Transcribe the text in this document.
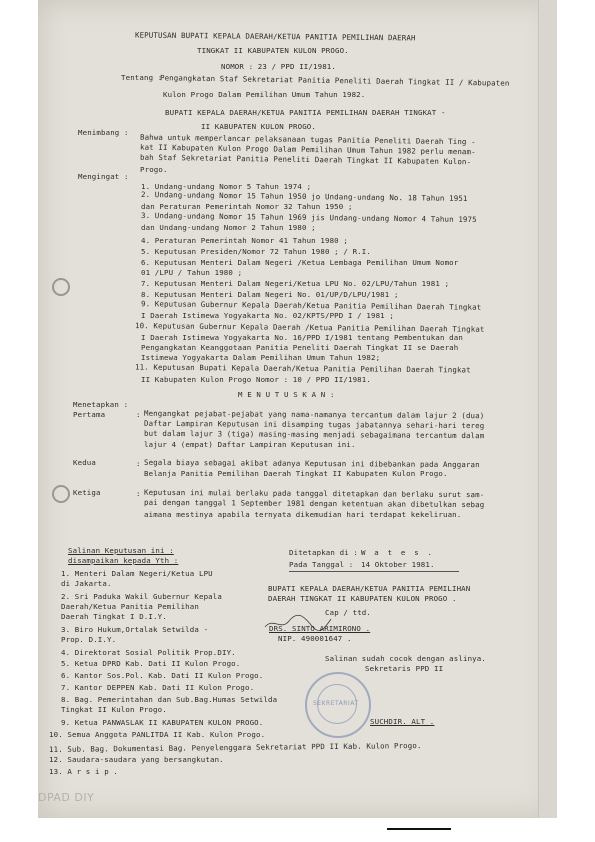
KEPUTUSAN BUPATI KEPALA DAERAH/KETUA PANITIA PEMILIHAN DAERAH
TINGKAT II KABUPATEN KULON PROGO.
NOMOR : 23 / PPD II/1981.
Tentang :
Pengangkatan Staf Sekretariat Panitia Peneliti Daerah Tingkat II / Kabupaten
Kulon Progo Dalam Pemilihan Umum Tahun 1982.
BUPATI KEPALA DAERAH/KETUA PANITIA PEMILIHAN DAERAH TINGKAT -
II KABUPATEN KULON PROGO.
Menimbang :
Bahwa untuk memperlancar pelaksanaan tugas Panitia Peneliti Daerah Ting -
kat II Kabupaten Kulon Progo Dalam Pemilihan Umum Tahun 1982 perlu menam-
bah Staf Sekretariat Panitia Peneliti Daerah Tingkat II Kabupaten Kulon-
Progo.
Mengingat :
1. Undang-undang Nomor 5 Tahun 1974 ;
2. Undang-undang Nomor 15 Tahun 1950 jo Undang-undang No. 18 Tahun 1951
dan Peraturan Pemerintah Nomor 32 Tahun 1950 ;
3. Undang-undang Nomor 15 Tahun 1969 jis Undang-undang Nomor 4 Tahun 1975
dan Undang-undang Nomor 2 Tahun 1980 ;
4. Peraturan Pemerintah Nomor 41 Tahun 1980 ;
5. Keputusan Presiden/Nomor 72 Tahun 1980 ; / R.I.
6. Keputusan Menteri Dalam Negeri /Ketua Lembaga Pemilihan Umum Nomor
01 /LPU / Tahun 1980 ;
7. Keputusan Menteri Dalam Negeri/Ketua LPU No. 02/LPU/Tahun 1981 ;
8. Keputusan Menteri Dalam Negeri No. 01/UP/D/LPU/1981 ;
9. Keputusan Gubernur Kepala Daerah/Ketua Panitia Pemilihan Daerah Tingkat
I Daerah Istimewa Yogyakarta No. 02/KPTS/PPD I / 1981 ;
10. Keputusan Gubernur Kepala Daerah /Ketua Panitia Pemilihan Daerah Tingkat
I Daerah Istimewa Yogyakarta No. 16/PPD I/1981 tentang Pembentukan dan
Pengangkatan Keanggotaan Panitia Peneliti Daerah Tingkat II se Daerah
Istimewa Yogyakarta Dalam Pemilihan Umum Tahun 1982;
11. Keputusan Bupati Kepala Daerah/Ketua Panitia Pemilihan Daerah Tingkat
II Kabupaten Kulon Progo Nomor : 10 / PPD II/1981.
M E N U T U S K A N :
Menetapkan :
Pertama	: Mengangkat pejabat-pejabat yang nama-namanya tercantum dalam lajur 2 (dua)
Daftar Lampiran Keputusan ini disamping tugas jabatannya sehari-hari tereg
but dalam lajur 3 (tiga) masing-masing menjadi sebagaimana tercantum dalam
lajur 4 (empat) Daftar Lampiran Keputusan ini.
Kedua	: Segala biaya sebagai akibat adanya Keputusan ini dibebankan pada Anggaran
Belanja Panitia Pemilihan Daerah Tingkat II Kabupaten Kulon Progo.
Ketiga	: Keputusan ini mulai berlaku pada tanggal ditetapkan dan berlaku surut sam-
pai dengan tanggal 1 September 1981 dengan ketentuan akan dibetulkan sebag
aimana mestinya apabila ternyata dikemudian hari terdapat kekeliruan.
Salinan Keputusan ini :
disampaikan kepada Yth :
1. Menteri Dalam Negeri/Ketua LPU
di Jakarta.
2. Sri Paduka Wakil Gubernur Kepala
Daerah/Ketua Panitia Pemilihan
Daerah Tingkat I D.I.Y.
3. Biro Hukum,Ortalak Setwilda -
Prop. D.I.Y.
4. Direktorat Sosial Politik Prop.DIY.
5. Ketua DPRD Kab. Dati II Kulon Progo.
6. Kantor Sos.Pol. Kab. Dati II Kulon Progo.
7. Kantor DEPPEN Kab. Dati II Kulon Progo.
8. Bag. Pemerintahan dan Sub.Bag.Humas Setwilda
Tingkat II Kulon Progo.
9. Ketua PANWASLAK II KABUPATEN KULON PROGO.
10. Semua Anggota PANLITDA II Kab. Kulon Progo.
11. Sub. Bag. Dokumentasi Bag. Penyelenggara Sekretariat PPD II Kab. Kulon Progo.
12. Saudara-saudara yang bersangkutan.
13. A r s i p .
Ditetapkan di : W a t e s .
Pada Tanggal : 14 Oktober 1981.
BUPATI KEPALA DAERAH/KETUA PANITIA PEMILIHAN
DAERAH TINGKAT II KABUPATEN KULON PROGO .
Cap / ttd.
DRS. SINTO ARIMIRONO .
NIP. 490001647 .
Salinan sudah cocok dengan aslinya.
Sekretaris PPD II
SEKRETARIAT
SUCHDIR. ALT .
DPAD DIY
